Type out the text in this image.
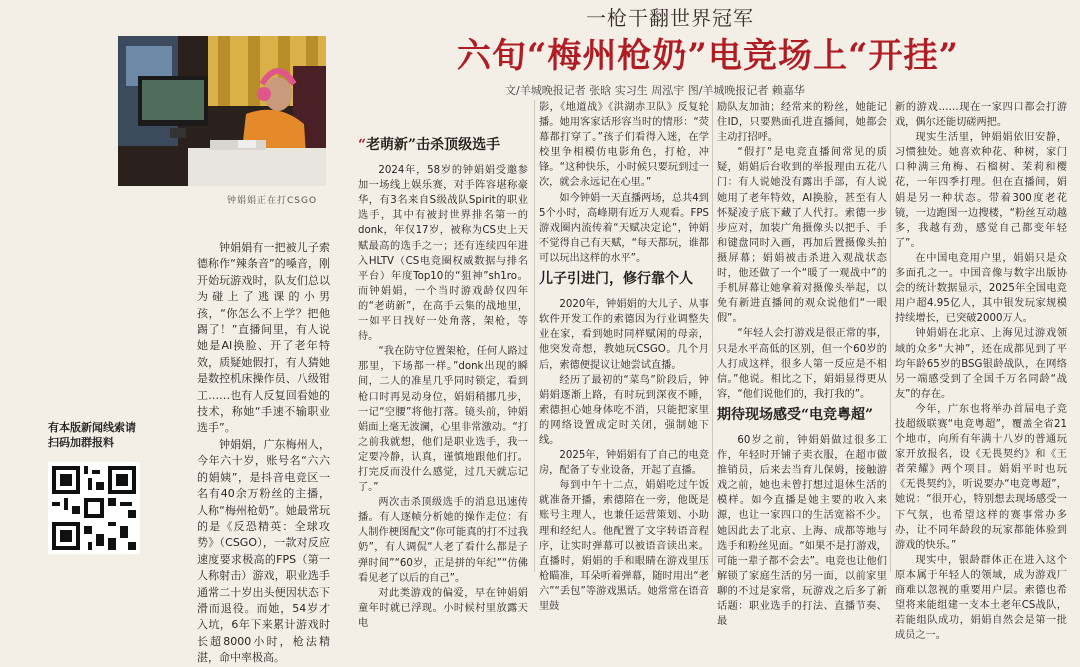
钟娟娟正在打CSGO
一枪干翻世界冠军
六旬“梅州枪奶”电竞场上“开挂”
文/羊城晚报记者 张晗 实习生 周泓宇 图/羊城晚报记者 赖嘉华

钟娟娟有一把被儿子索德称作“辣条音”的嗓音，刚开始玩游戏时，队友们总以为碰上了逃课的小男孩，“你怎么不上学？把他踢了！”直播间里，有人说她是AI换脸、开了老年特效，质疑她假打，有人猜她是数控机床操作员、八级钳工……也有人反复回看她的技术，称她“手速不输职业选手”。

钟娟娟，广东梅州人，今年六十岁，账号名“六六的娟姨”，是抖音电竞区一名有40余万粉丝的主播，人称“梅州枪奶”。她最常玩的是《反恐精英：全球攻势》（CSGO），一款对反应速度要求极高的FPS（第一人称射击）游戏，职业选手通常二十岁出头便因状态下滑而退役。而她，54岁才入坑，6年下来累计游戏时长超8000小时，枪法精湛，命中率极高。

有本版新闻线索请扫码加群报料
“老萌新”击杀顶级选手

2024年，58岁的钟娟娟受邀参加一场线上娱乐赛，对手阵容堪称豪华，有3名来自S级战队Spirit的职业选手，其中有被封世界排名第一的donk，年仅17岁，被称为CS史上天赋最高的选手之一；还有连续四年进入HLTV（CS电竞圈权威数据与排名平台）年度Top10的“狙神”sh1ro。而钟娟娟，一个当时游戏龄仅四年的“老萌新”，在高手云集的战地里，一如平日找好一处角落，架枪，等待。

“我在防守位置架枪，任何人路过那里，下场都一样。”donk出现的瞬间，二人的准星几乎同时锁定，看到枪口时再晃动身位，娟娟稍挪几步，一记“空腰”将他打落。镜头前，钟娟娟面上毫无波澜，心里非常激动。“打之前我就想，他们是职业选手，我一定要冷静，认真，谨慎地跟他们打。打完反而没什么感觉，过几天就忘记了。”

两次击杀顶级选手的消息迅速传播。有人逐帧分析她的操作走位：有人制作梗图配文“你可能真的打不过我奶”，有人调侃“人老了看什么都是子弹时间”“60岁，正是拼的年纪”“仿佛看见老了以后的自己”。

对此类游戏的偏爱，早在钟娟娟童年时就已浮现。小时候村里放露天电

影，《地道战》《洪湖赤卫队》反复轮播。她用客家话形容当时的情形：“荧幕都打穿了。”孩子们看得入迷，在学校里争相模仿电影角色，打枪，冲锋。“这种快乐，小时候只要玩到过一次，就会永远记在心里。”

如今钟娟一天直播两场，总共4到5个小时，高峰期有近万人观看。FPS游戏圈内流传着“天赋决定论”，钟娟不觉得自己有天赋，“每天都玩，谁都可以玩出这样的水平”。

儿子引进门，修行靠个人

2020年，钟娟娟的大儿子、从事软件开发工作的索德因为行业调整失业在家，看到她时同样赋闲的母亲，他突发奇想，教她玩CSGO。几个月后，索德便提议让她尝试直播。

经历了最初的“菜鸟”阶段后，钟娟娟逐渐上路，有时玩到深夜不睡，索德担心她身体吃不消，只能把家里的网络设置成定时关闭，强制她下线。

2025年，钟娟娟有了自己的电竞房，配备了专业设备，开起了直播。

每到中午十二点，娟娟吃过午饭就准备开播，索德陪在一旁，他既是账号主理人，也兼任运营策划、小助理和经纪人。他配置了文字转语音程序，让实时弹幕可以被语音读出来。直播时，娟娟的手和眼睛在游戏里压枪瞄准，耳朵听着弹幕，随时用出“老六”“丢包”等游戏黑话。她常常在语音里鼓

励队友加油；经常来的粉丝，她能记住ID，只要熟面孔进直播间，她都会主动打招呼。

“假打”是电竞直播间常见的质疑，娟娟后台收到的举报理由五花八门：有人说她没有露出手部，有人说她用了老年特效，AI换脸，甚至有人怀疑凌子底下藏了人代打。索德一步步应对，加装广角摄像头以把手、手和键盘同时入画，再加后置摄像头拍摄屏幕；娟娟被击杀进入观战状态时，他还做了一个“暖了一观战中”的手机屏幕让她拿着对摄像头举起，以免有新进直播间的观众说他们“一眼假”。

“年轻人会打游戏是很正常的事，只是水平高低的区别，但一个60岁的人打成这样，很多人第一反应是不相信。”他说。相比之下，娟娟显得更从容，“他们说他们的，我打我的”。

期待现场感受“电竞粤超”

60岁之前，钟娟娟做过很多工作，年轻时开铺子卖衣服，在超市做推销员，后来去当育儿保姆，接触游戏之前，她也未曾打想过退休生活的模样。如今直播是她主要的收入来源，也让一家四口的生活宽裕不少。她因此去了北京、上海、成都等地与选手和粉丝见面。“如果不是打游戏，可能一辈子都不会去”。电竞也让他们解锁了家庭生活的另一面，以前家里聊的不过是家常，玩游戏之后多了新话题：职业选手的打法、直播节奏、最

新的游戏……现在一家四口都会打游戏，偶尔还能切磋两把。

现实生活里，钟娟娟依旧安静，习惯独处。她喜欢种花、种树，家门口种满三角梅、石榴树、茉莉和樱花，一年四季打理。但在直播间，娟娟是另一种状态。带着300度老花镜，一边跑图一边搜楼，“粉丝互动越多，我越有劲，感觉自己都变年轻了”。

在中国电竞用户里，娟娟只是众多面孔之一。中国音像与数字出版协会的统计数据显示，2025年全国电竞用户超4.95亿人，其中银发玩家规模持续增长，已突破2000万人。

钟娟娟在北京、上海见过游戏领域的众多“大神”，还在成都见到了平均年龄65岁的BSG银龄战队，在网络另一端感受到了全国千万名同龄“战友”的存在。

今年，广东也将举办首届电子竞技超级联赛“电竞粤超”，覆盖全省21个地市，向所有年满十八岁的普通玩家开放报名，设《无畏契约》和《王者荣耀》两个项目。娟娟平时也玩《无畏契约》，听说要办“电竞粤超”，她说：“很开心，特别想去现场感受一下气氛，也希望这样的赛事常办多办，让不同年龄段的玩家都能体验到游戏的快乐。”

现实中，银龄群体正在进入这个原本属于年轻人的领域，成为游戏厂商难以忽视的重要用户层。索德也希望将来能组建一支本土老年CS战队，若能组队成功，娟娟自然会是第一批成员之一。
